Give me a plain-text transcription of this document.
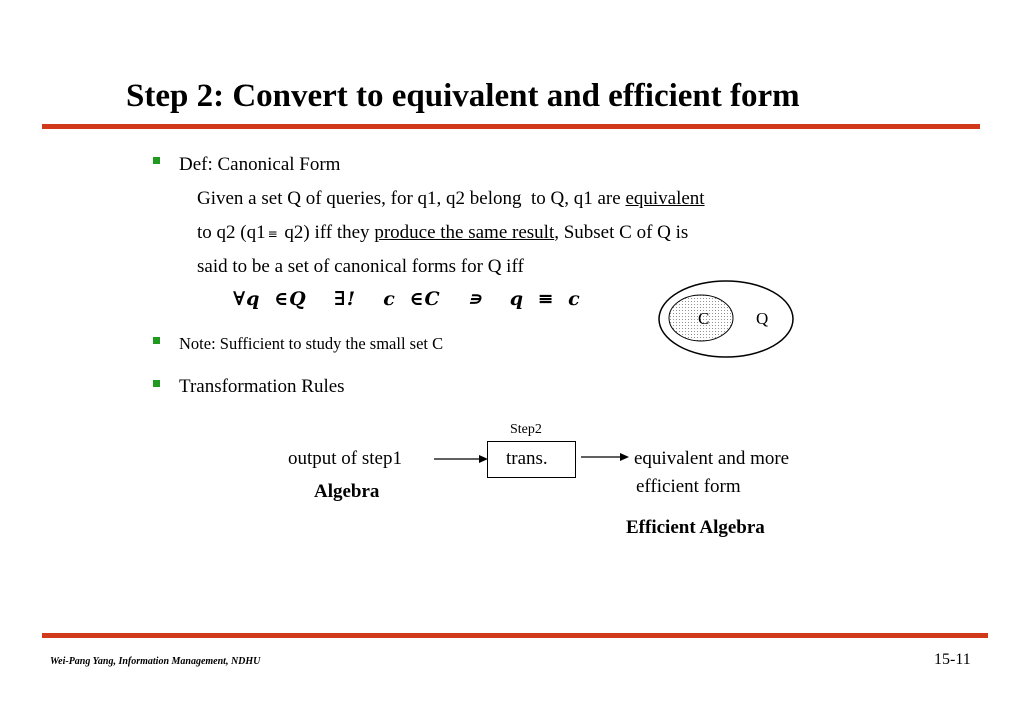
Step 2: Convert to equivalent and efficient form
Def: Canonical Form
Given a set Q of queries, for q1, q2 belong  to Q, q1 are equivalent
to q2 (q1 ≡ q2) iff they produce the same result, Subset C of Q is
said to be a set of canonical forms for Q iff
∀q ∈Q  ∃!  c ∈C  ∍  q ≡ c
C	Q
Note: Sufficient to study the small set C
Transformation Rules
Step2
output of step1
Algebra
trans.	equivalent and more
efficient form
Efficient Algebra
Wei-Pang Yang, Information Management, NDHU	15-11
